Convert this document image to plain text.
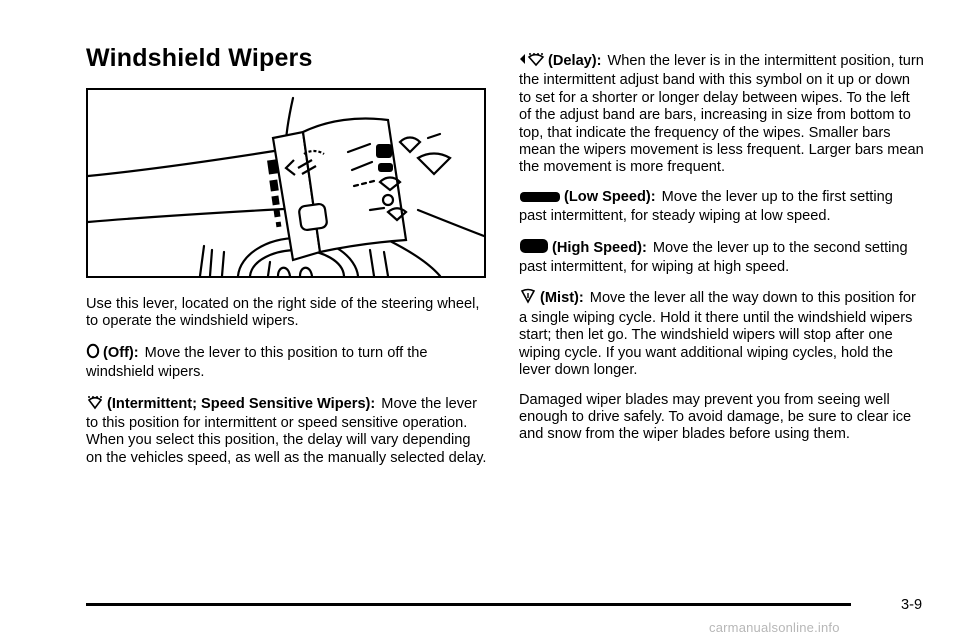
Windshield Wipers

Use this lever, located on the right side of the steering wheel, to operate the windshield wipers.

(Off): Move the lever to this position to turn off the windshield wipers.

(Intermittent; Speed Sensitive Wipers): Move the lever to this position for intermittent or speed sensitive operation. When you select this position, the delay will vary depending on the vehicles speed, as well as the manually selected delay.

(Delay): When the lever is in the intermittent position, turn the intermittent adjust band with this symbol on it up or down to set for a shorter or longer delay between wipes. To the left of the adjust band are bars, increasing in size from bottom to top, that indicate the frequency of the wipes. Smaller bars mean the wipers movement is less frequent. Larger bars mean the movement is more frequent.

(Low Speed): Move the lever up to the first setting past intermittent, for steady wiping at low speed.

(High Speed): Move the lever up to the second setting past intermittent, for wiping at high speed.

(Mist): Move the lever all the way down to this position for a single wiping cycle. Hold it there until the windshield wipers start; then let go. The windshield wipers will stop after one wiping cycle. If you want additional wiping cycles, hold the lever down longer.

Damaged wiper blades may prevent you from seeing well enough to drive safely. To avoid damage, be sure to clear ice and snow from the wiper blades before using them.

3-9
carmanualsonline.info
